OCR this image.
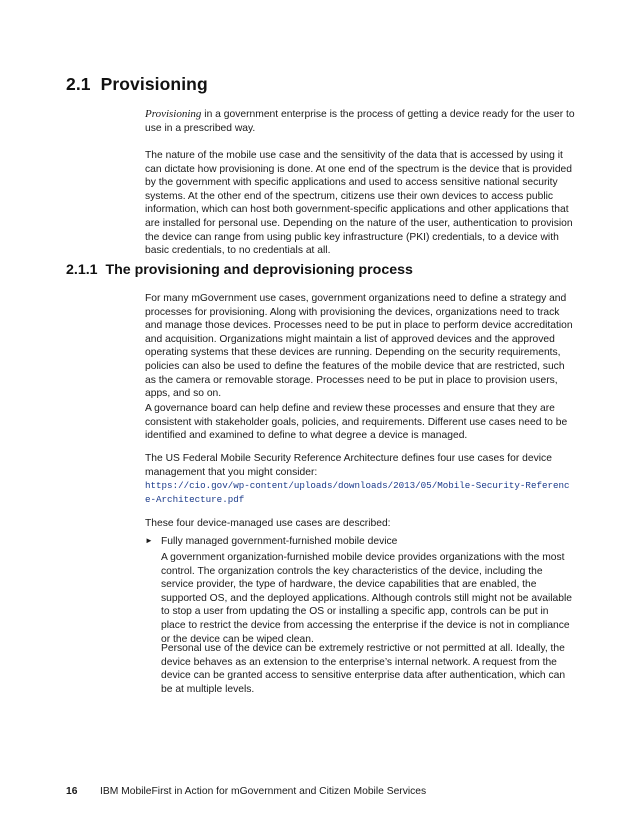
2.1 Provisioning

Provisioning in a government enterprise is the process of getting a device ready for the user to use in a prescribed way.

The nature of the mobile use case and the sensitivity of the data that is accessed by using it can dictate how provisioning is done. At one end of the spectrum is the device that is provided by the government with specific applications and used to access sensitive national security systems. At the other end of the spectrum, citizens use their own devices to access public information, which can host both government-specific applications and other applications that are installed for personal use. Depending on the nature of the user, authentication to provision the device can range from using public key infrastructure (PKI) credentials, to a device with basic credentials, to no credentials at all.

2.1.1 The provisioning and deprovisioning process

For many mGovernment use cases, government organizations need to define a strategy and processes for provisioning. Along with provisioning the devices, organizations need to track and manage those devices. Processes need to be put in place to perform device accreditation and acquisition. Organizations might maintain a list of approved devices and the approved operating systems that these devices are running. Depending on the security requirements, policies can also be used to define the features of the mobile device that are restricted, such as the camera or removable storage. Processes need to be put in place to provision users, apps, and so on.

A governance board can help define and review these processes and ensure that they are consistent with stakeholder goals, policies, and requirements. Different use cases need to be identified and examined to define to what degree a device is managed.

The US Federal Mobile Security Reference Architecture defines four use cases for device management that you might consider:

https://cio.gov/wp-content/uploads/downloads/2013/05/Mobile-Security-Reference-Architecture.pdf

These four device-managed use cases are described:

► Fully managed government-furnished mobile device

A government organization-furnished mobile device provides organizations with the most control. The organization controls the key characteristics of the device, including the service provider, the type of hardware, the device capabilities that are enabled, the supported OS, and the deployed applications. Although controls still might not be available to stop a user from updating the OS or installing a specific app, controls can be put in place to restrict the device from accessing the enterprise if the device is not in compliance or the device can be wiped clean.

Personal use of the device can be extremely restrictive or not permitted at all. Ideally, the device behaves as an extension to the enterprise’s internal network. A request from the device can be granted access to sensitive enterprise data after authentication, which can be at multiple levels.

16 IBM MobileFirst in Action for mGovernment and Citizen Mobile Services
